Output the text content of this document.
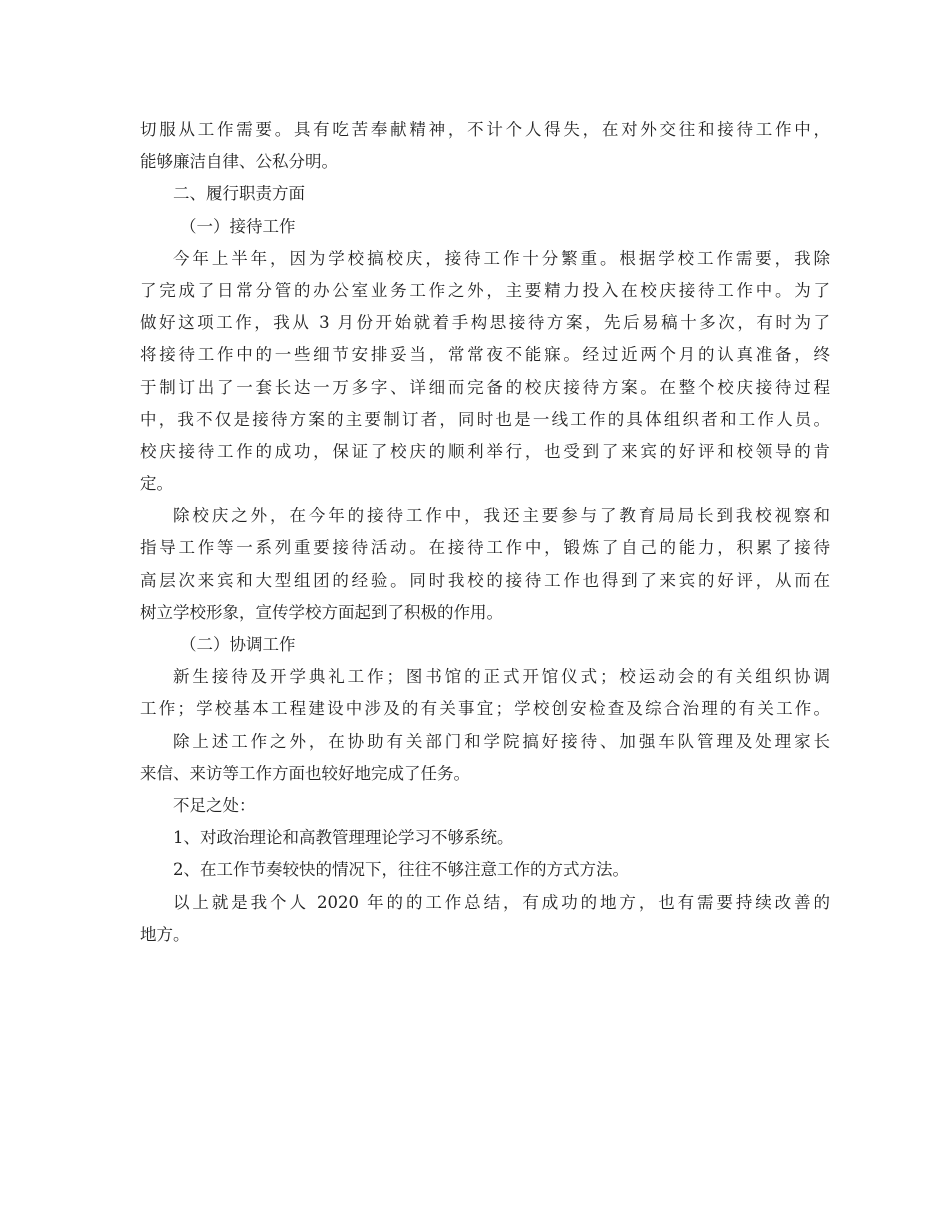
切服从工作需要。具有吃苦奉献精神，不计个人得失，在对外交往和接待工作中，
能够廉洁自律、公私分明。
二、履行职责方面
（一）接待工作
今年上半年，因为学校搞校庆，接待工作十分繁重。根据学校工作需要，我除
了完成了日常分管的办公室业务工作之外，主要精力投入在校庆接待工作中。为了
做好这项工作，我从 3 月份开始就着手构思接待方案，先后易稿十多次，有时为了
将接待工作中的一些细节安排妥当，常常夜不能寐。经过近两个月的认真准备，终
于制订出了一套长达一万多字、详细而完备的校庆接待方案。在整个校庆接待过程
中，我不仅是接待方案的主要制订者，同时也是一线工作的具体组织者和工作人员。
校庆接待工作的成功，保证了校庆的顺利举行，也受到了来宾的好评和校领导的肯
定。
除校庆之外，在今年的接待工作中，我还主要参与了教育局局长到我校视察和
指导工作等一系列重要接待活动。在接待工作中，锻炼了自己的能力，积累了接待
高层次来宾和大型组团的经验。同时我校的接待工作也得到了来宾的好评，从而在
树立学校形象，宣传学校方面起到了积极的作用。
（二）协调工作
新生接待及开学典礼工作；图书馆的正式开馆仪式；校运动会的有关组织协调
工作；学校基本工程建设中涉及的有关事宜；学校创安检查及综合治理的有关工作。
除上述工作之外，在协助有关部门和学院搞好接待、加强车队管理及处理家长
来信、来访等工作方面也较好地完成了任务。
不足之处：
1、对政治理论和高教管理理论学习不够系统。
2、在工作节奏较快的情况下，往往不够注意工作的方式方法。
以上就是我个人 2020 年的的工作总结，有成功的地方，也有需要持续改善的
地方。
